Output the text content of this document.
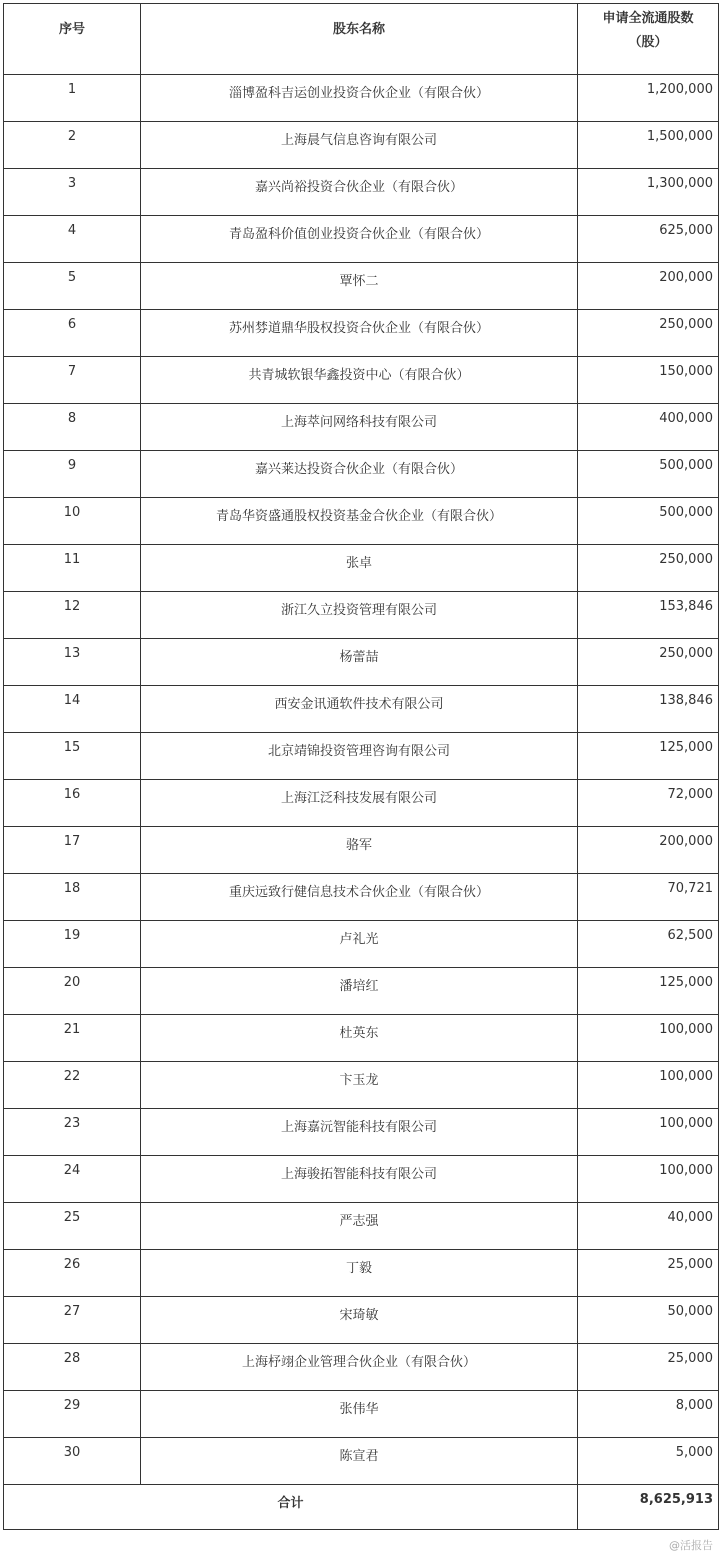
序号	股东名称	申请全流通股数
（股）

1	淄博盈科吉运创业投资合伙企业（有限合伙）	1,200,000
2	上海晨气信息咨询有限公司	1,500,000
3	嘉兴尚裕投资合伙企业（有限合伙）	1,300,000
4	青岛盈科价值创业投资合伙企业（有限合伙）	625,000
5	覃怀二	200,000
6	苏州棼道鼎华股权投资合伙企业（有限合伙）	250,000
7	共青城软银华鑫投资中心（有限合伙）	150,000
8	上海萃问网络科技有限公司	400,000
9	嘉兴莱达投资合伙企业（有限合伙）	500,000
10	青岛华资盛通股权投资基金合伙企业（有限合伙）	500,000
11	张卓	250,000
12	浙江久立投资管理有限公司	153,846
13	杨蕾喆	250,000
14	西安金讯通软件技术有限公司	138,846
15	北京靖锦投资管理咨询有限公司	125,000
16	上海江泛科技发展有限公司	72,000
17	骆军	200,000
18	重庆远致行健信息技术合伙企业（有限合伙）	70,721
19	卢礼光	62,500
20	潘培红	125,000
21	杜英东	100,000
22	卞玉龙	100,000
23	上海嘉沅智能科技有限公司	100,000
24	上海骏拓智能科技有限公司	100,000
25	严志强	40,000
26	丁毅	25,000
27	宋琦敏	50,000
28	上海杼翊企业管理合伙企业（有限合伙）	25,000
29	张伟华	8,000
30	陈宣君	5,000
合计		8,625,913
@活报告
